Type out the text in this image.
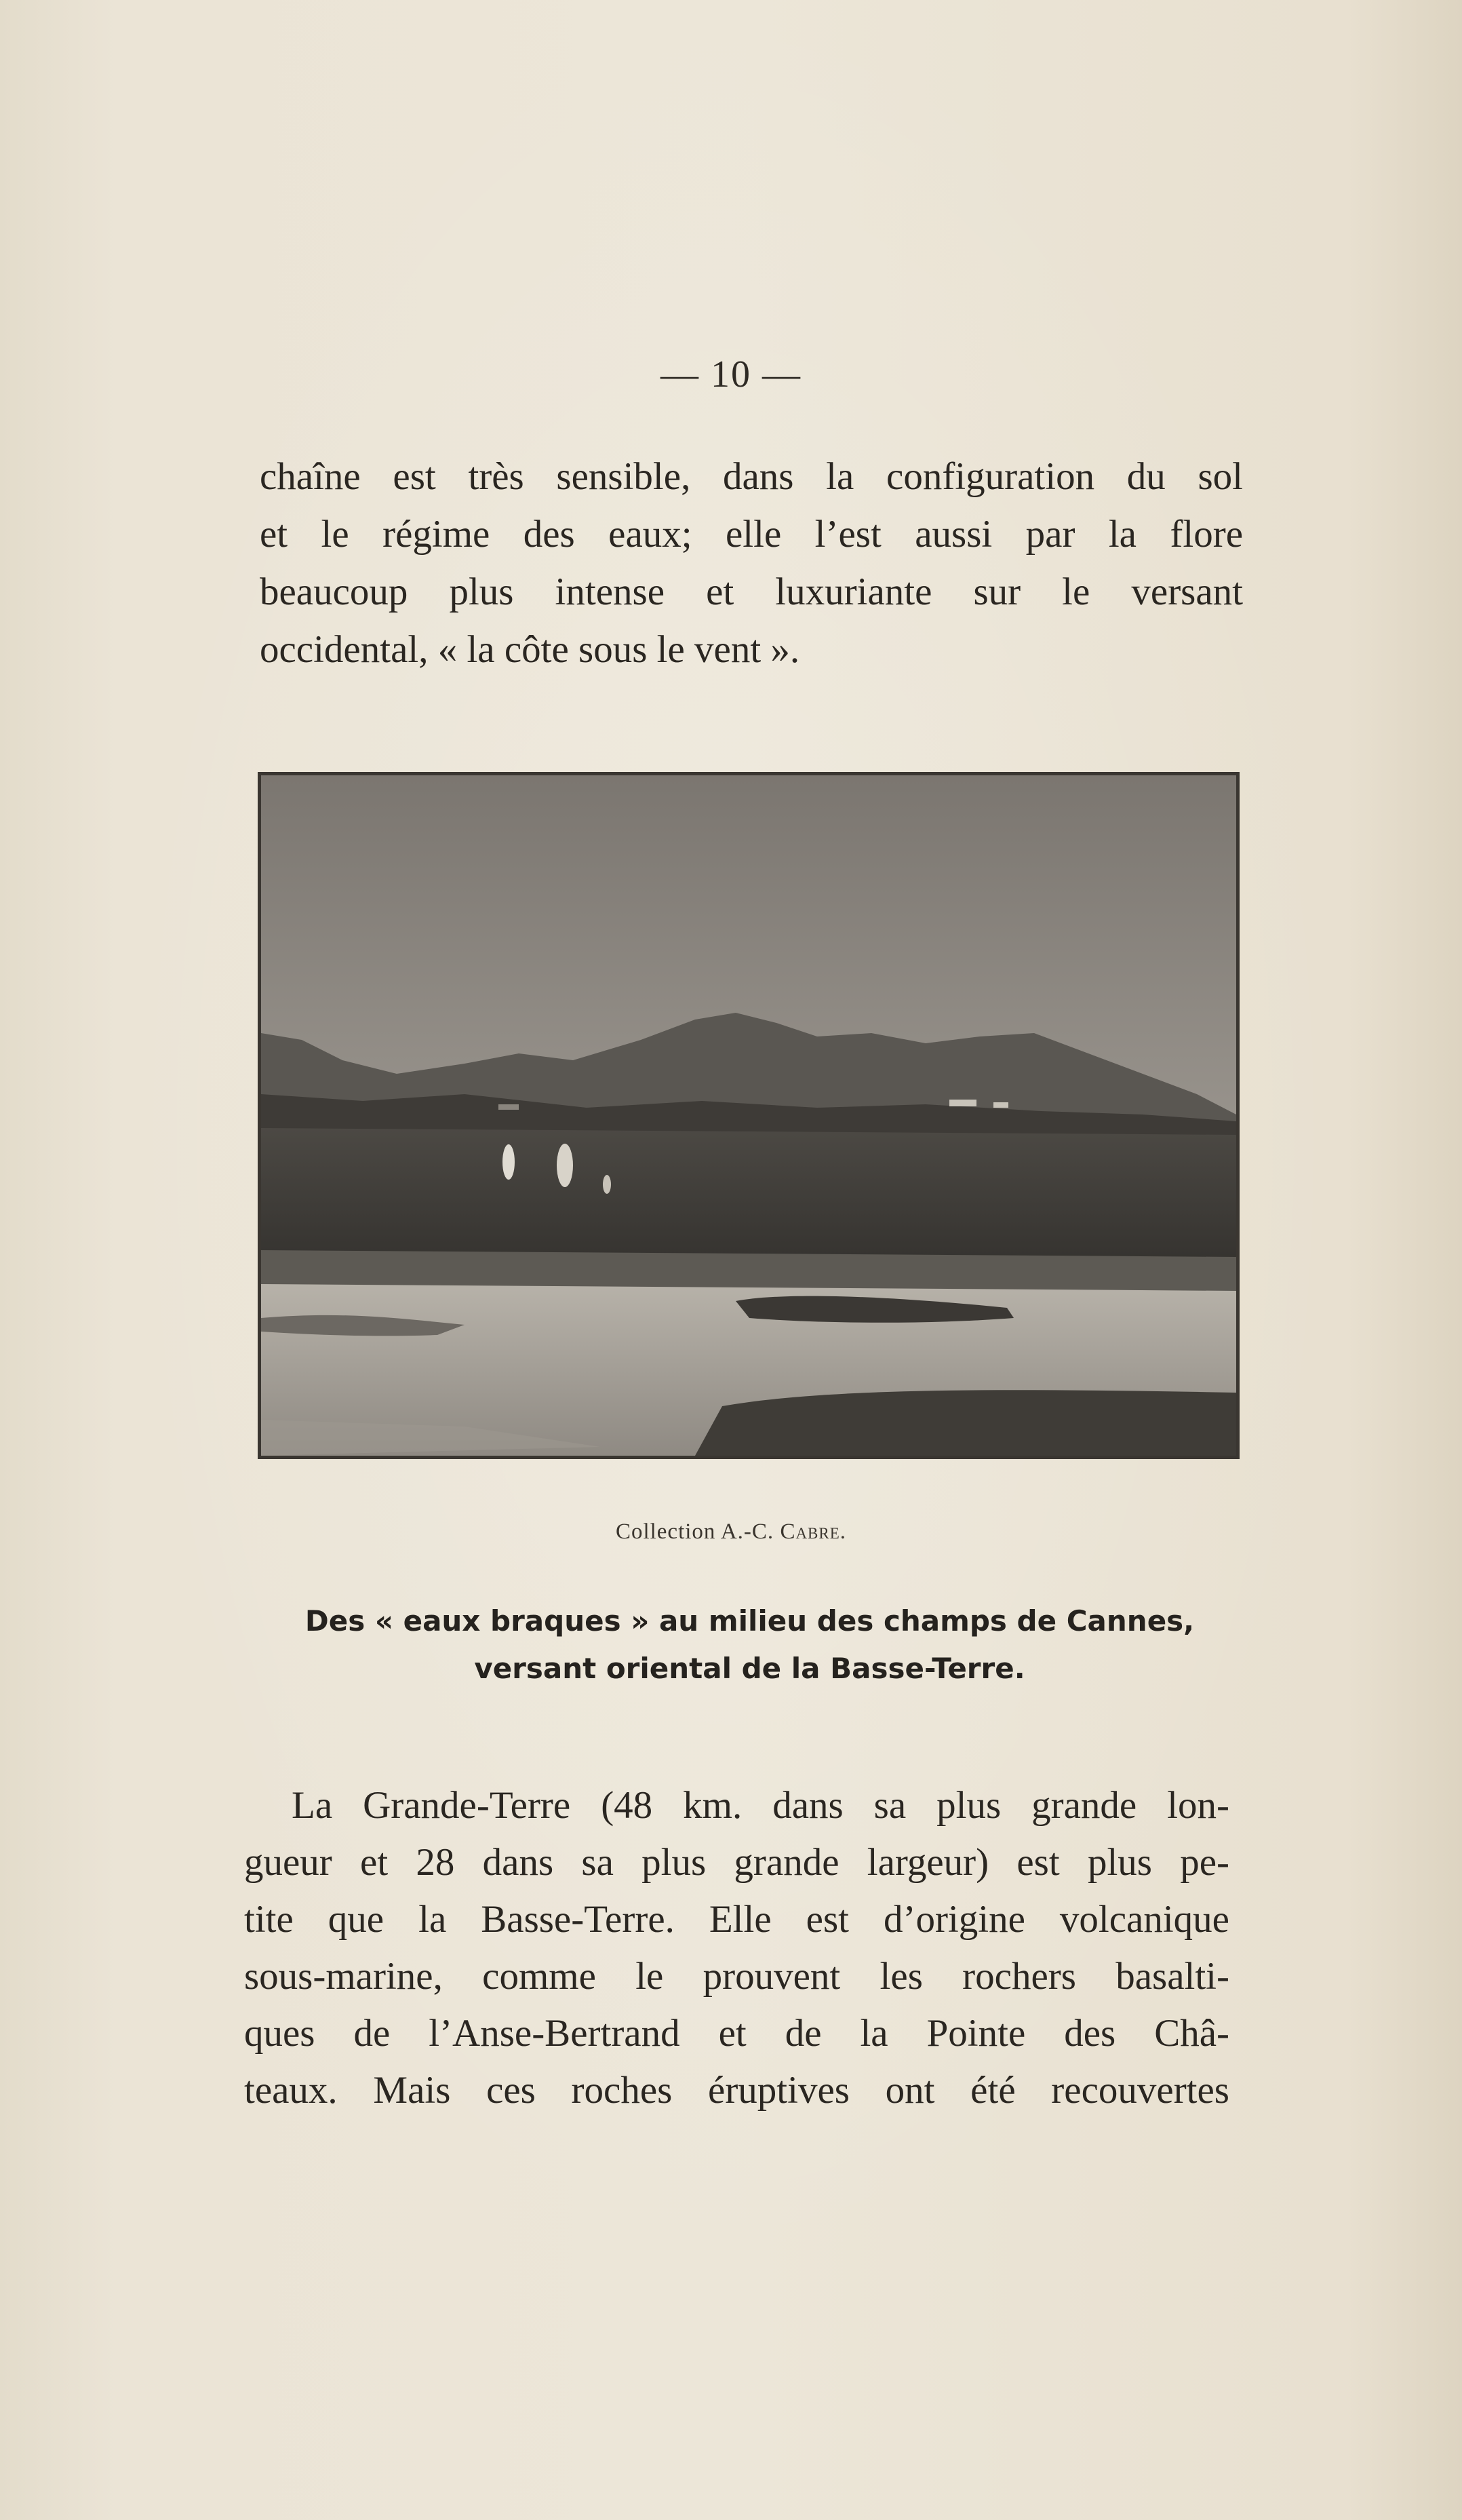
— 10 —

chaîne est très sensible, dans la configuration du sol
et le régime des eaux; elle l’est aussi par la flore
beaucoup plus intense et luxuriante sur le versant
occidental, « la côte sous le vent ».

Collection A.-C. Cabre.
Des « eaux braques » au milieu des champs de Cannes,
versant oriental de la Basse-Terre.

La Grande-Terre (48 km. dans sa plus grande lon-
gueur et 28 dans sa plus grande largeur) est plus pe-
tite que la Basse-Terre. Elle est d’origine volcanique
sous-marine, comme le prouvent les rochers basalti-
ques de l’Anse-Bertrand et de la Pointe des Châ-
teaux. Mais ces roches éruptives ont été recouvertes
